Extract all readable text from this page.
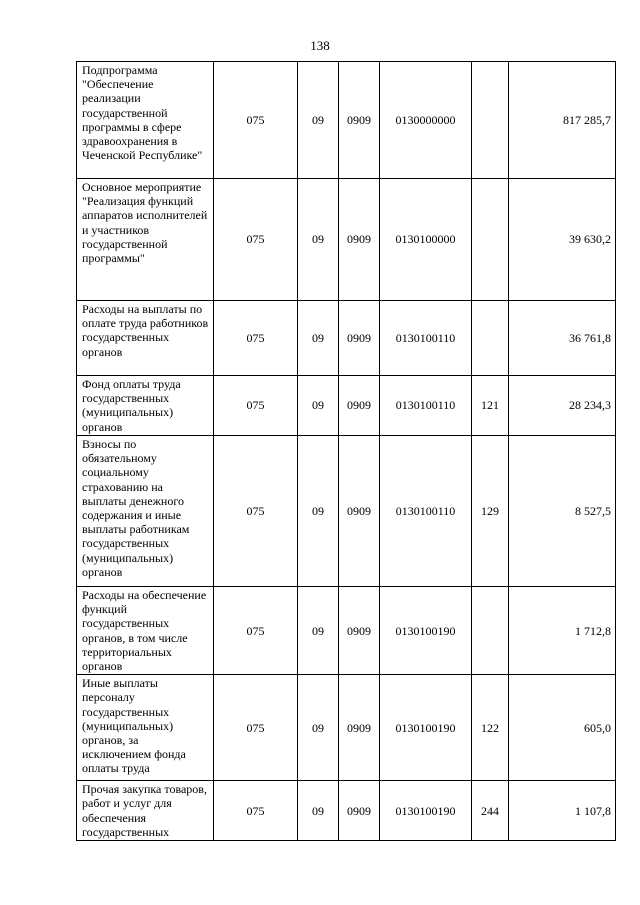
138
Подпрограмма "Обеспечение реализации государственной программы в сфере здравоохранения в Чеченской Республике"	075	09	0909	0130000000		817 285,7
Основное мероприятие "Реализация функций аппаратов исполнителей и участников государственной программы"	075	09	0909	0130100000		39 630,2
Расходы на выплаты по оплате труда работников государственных органов	075	09	0909	0130100110		36 761,8
Фонд оплаты труда государственных (муниципальных) органов	075	09	0909	0130100110	121	28 234,3
Взносы по обязательному социальному страхованию на выплаты денежного содержания и иные выплаты работникам государственных (муниципальных) органов	075	09	0909	0130100110	129	8 527,5
Расходы на обеспечение функций государственных органов, в том числе территориальных органов	075	09	0909	0130100190		1 712,8
Иные выплаты персоналу государственных (муниципальных) органов, за исключением фонда оплаты труда	075	09	0909	0130100190	122	605,0
Прочая закупка товаров, работ и услуг для обеспечения государственных	075	09	0909	0130100190	244	1 107,8
